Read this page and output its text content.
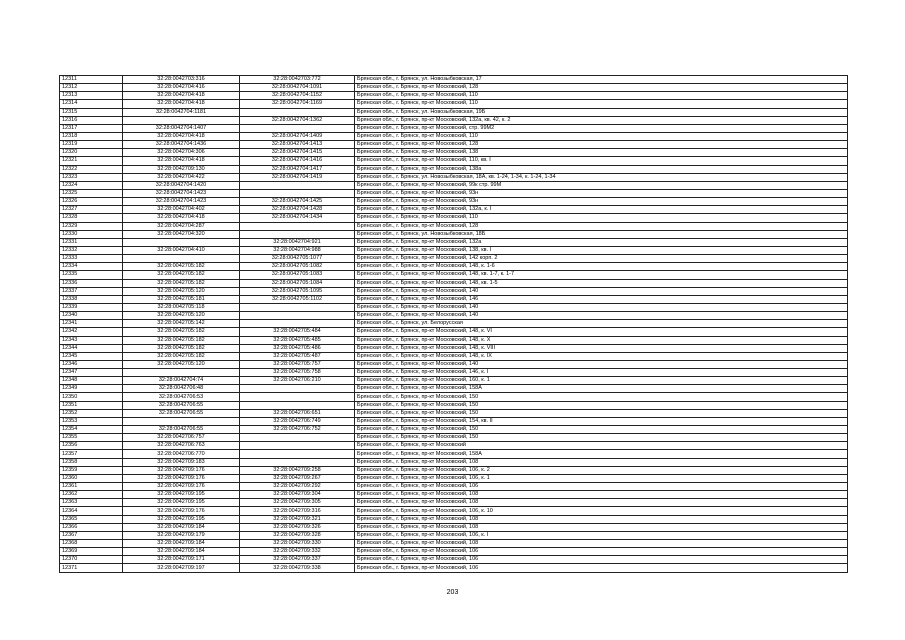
12311	32:28:0042703:316	32:28:0042703:772	Брянская обл., г. Брянск, ул. Новозыбковская, 17
12312	32:28:0042704:416	32:28:0042704:1091	Брянская обл., г. Брянск, пр-кт Московский, 128
12313	32:28:0042704:418	32:28:0042704:1152	Брянская обл., г. Брянск, пр-кт Московский, 110
12314	32:28:0042704:418	32:28:0042704:1169	Брянская обл., г. Брянск, пр-кт Московский, 110
12315	32:28:0042704:1181		Брянская обл., г. Брянск, ул. Новозыбковская, 19Б
12316		32:28:0042704:1362	Брянская обл., г. Брянск, пр-кт Московский, 132а, кв. 42, к. 2
12317	32:28:0042704:1407		Брянская обл., г. Брянск, пр-кт Московский, стр. 99М2
12318	32:28:0042704:418	32:28:0042704:1409	Брянская обл., г. Брянск, пр-кт Московский, 110
12319	32:28:0042704:1436	32:28:0042704:1413	Брянская обл., г. Брянск, пр-кт Московский, 128
12320	32:28:0042704:306	32:28:0042704:1415	Брянская обл., г. Брянск, пр-кт Московский, 138
12321	32:28:0042704:418	32:28:0042704:1416	Брянская обл., г. Брянск, пр-кт Московский, 110, кв. I
12322	32:28:0042709:130	32:28:0042704:1417	Брянская обл., г. Брянск, пр-кт Московский, 138а
12323	32:28:0042704:422	32:28:0042704:1419	Брянская обл., г. Брянск, ул. Новозыбковская, 18А, кв. 1-24, 1-34, к. 1-24, 1-34
12324	32:28:0042704:1420		Брянская обл., г. Брянск, пр-кт Московский, 99к стр. 99М
12325	32:28:0042704:1423		Брянская обл., г. Брянск, пр-кт Московский, 93н
12326	32:28:0042704:1423	32:28:0042704:1425	Брянская обл., г. Брянск, пр-кт Московский, 93н
12327	32:28:0042704:402	32:28:0042704:1428	Брянская обл., г. Брянск, пр-кт Московский, 132а, к. I
12328	32:28:0042704:418	32:28:0042704:1434	Брянская обл., г. Брянск, пр-кт Московский, 110
12329	32:28:0042704:287		Брянская обл., г. Брянск, пр-кт Московский, 128
12330	32:28:0042704:320		Брянская обл., г. Брянск, ул. Новозыбковская, 18Б
12331		32:28:0042704:921	Брянская обл., г. Брянск, пр-кт Московский, 132а
12332	32:28:0042704:410	32:28:0042704:988	Брянская обл., г. Брянск, пр-кт Московский, 138, кв. I
12333		32:28:0042705:1077	Брянская обл., г. Брянск, пр-кт Московский, 142 корп. 2
12334	32:28:0042705:182	32:28:0042705:1082	Брянская обл., г. Брянск, пр-кт Московский, 148, к. 1-6
12335	32:28:0042705:182	32:28:0042705:1083	Брянская обл., г. Брянск, пр-кт Московский, 148, кв. 1-7, к. 1-7
12336	32:28:0042705:182	32:28:0042705:1084	Брянская обл., г. Брянск, пр-кт Московский, 148, кв. 1-5
12337	32:28:0042705:120	32:28:0042705:1095	Брянская обл., г. Брянск, пр-кт Московский, 140
12338	32:28:0042705:181	32:28:0042705:1102	Брянская обл., г. Брянск, пр-кт Московский, 146
12339	32:28:0042705:118		Брянская обл., г. Брянск, пр-кт Московский, 140
12340	32:28:0042705:120		Брянская обл., г. Брянск, пр-кт Московский, 140
12341	32:28:0042705:142		Брянская обл., г. Брянск, ул. Белорусская
12342	32:28:0042705:182	32:28:0042705:484	Брянская обл., г. Брянск, пр-кт Московский, 148, к. VI
12343	32:28:0042705:182	32:28:0042705:485	Брянская обл., г. Брянск, пр-кт Московский, 148, к. X
12344	32:28:0042705:182	32:28:0042705:486	Брянская обл., г. Брянск, пр-кт Московский, 148, к. VIII
12345	32:28:0042705:182	32:28:0042705:487	Брянская обл., г. Брянск, пр-кт Московский, 148, к. IX
12346	32:28:0042705:120	32:28:0042705:757	Брянская обл., г. Брянск, пр-кт Московский, 140
12347		32:28:0042705:758	Брянская обл., г. Брянск, пр-кт Московский, 146, к. I
12348	32:28:0042704:74	32:28:0042706:210	Брянская обл., г. Брянск, пр-кт Московский, 160, к. 1
12349	32:28:0042706:48		Брянская обл., г. Брянск, пр-кт Московский, 158А
12350	32:28:0042706:53		Брянская обл., г. Брянск, пр-кт Московский, 150
12351	32:28:0042706:55		Брянская обл., г. Брянск, пр-кт Московский, 150
12352	32:28:0042706:55	32:28:0042706:651	Брянская обл., г. Брянск, пр-кт Московский, 150
12353		32:28:0042706:749	Брянская обл., г. Брянск, пр-кт Московский, 154, кв. II
12354	32:28:0042706:55	32:28:0042706:752	Брянская обл., г. Брянск, пр-кт Московский, 150
12355	32:28:0042706:757		Брянская обл., г. Брянск, пр-кт Московский, 150
12356	32:28:0042706:763		Брянская обл., г. Брянск, пр-кт Московский
12357	32:28:0042706:770		Брянская обл., г. Брянск, пр-кт Московский, 158А
12358	32:28:0042709:183		Брянская обл., г. Брянск, пр-кт Московский, 108
12359	32:28:0042709:176	32:28:0042709:258	Брянская обл., г. Брянск, пр-кт Московский, 106, к. 2
12360	32:28:0042709:176	32:28:0042709:267	Брянская обл., г. Брянск, пр-кт Московский, 106, к. 1
12361	32:28:0042709:176	32:28:0042709:292	Брянская обл., г. Брянск, пр-кт Московский, 106
12362	32:28:0042709:195	32:28:0042709:304	Брянская обл., г. Брянск, пр-кт Московский, 108
12363	32:28:0042709:195	32:28:0042709:305	Брянская обл., г. Брянск, пр-кт Московский, 108
12364	32:28:0042709:176	32:28:0042709:316	Брянская обл., г. Брянск, пр-кт Московский, 106, к. 10
12365	32:28:0042709:195	32:28:0042709:321	Брянская обл., г. Брянск, пр-кт Московский, 108
12366	32:28:0042709:184	32:28:0042709:326	Брянская обл., г. Брянск, пр-кт Московский, 108
12367	32:28:0042709:179	32:28:0042709:328	Брянская обл., г. Брянск, пр-кт Московский, 106, к. I
12368	32:28:0042709:184	32:28:0042709:330	Брянская обл., г. Брянск, пр-кт Московский, 108
12369	32:28:0042709:184	32:28:0042709:332	Брянская обл., г. Брянск, пр-кт Московский, 106
12370	32:28:0042709:171	32:28:0042709:337	Брянская обл., г. Брянск, пр-кт Московский, 106
12371	32:28:0042709:197	32:28:0042709:338	Брянская обл., г. Брянск, пр-кт Московский, 106
203
